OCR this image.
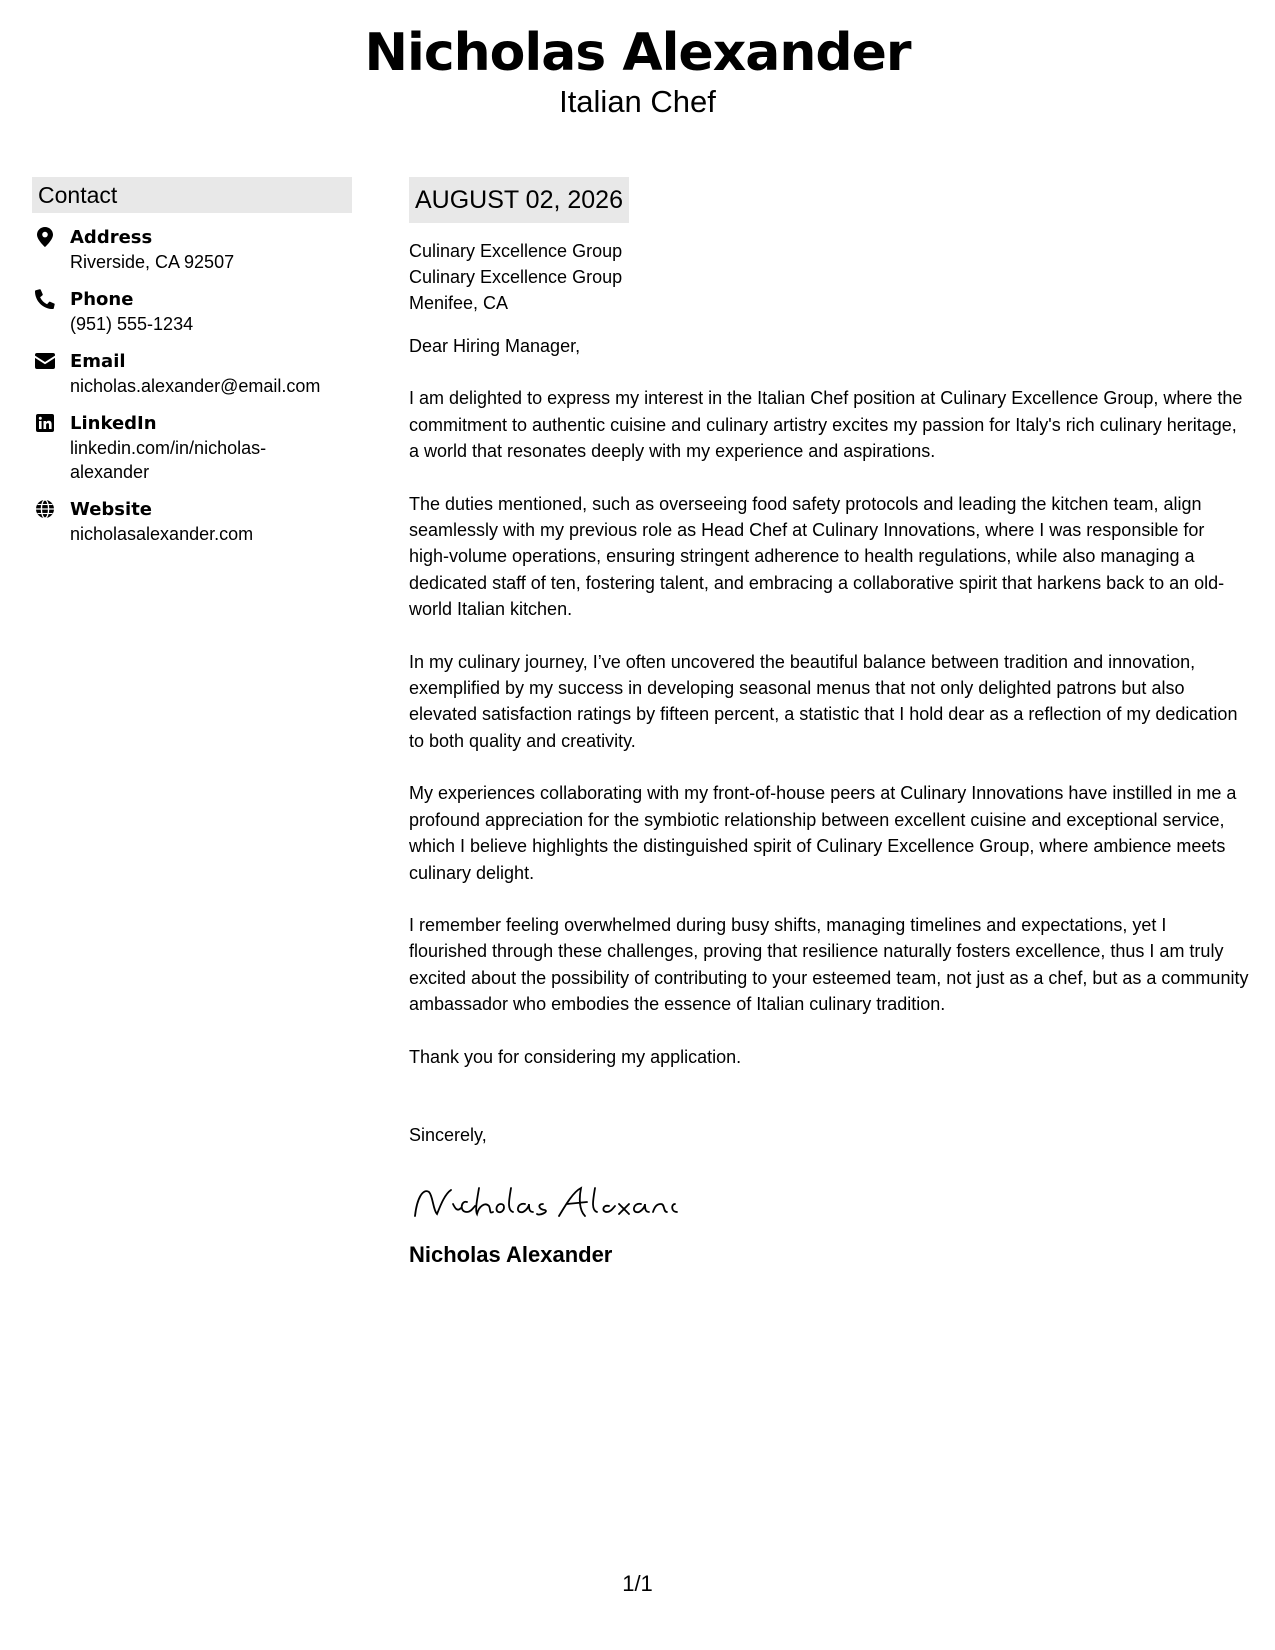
Nicholas Alexander
Italian Chef
Contact
Address
Riverside, CA 92507
Phone
(951) 555-1234
Email
nicholas.alexander@email.com
LinkedIn
linkedin.com/in/nicholas-alexander
Website
nicholasalexander.com
AUGUST 02, 2026
Culinary Excellence Group
Culinary Excellence Group
Menifee, CA

Dear Hiring Manager,

I am delighted to express my interest in the Italian Chef position at Culinary Excellence Group, where the commitment to authentic cuisine and culinary artistry excites my passion for Italy's rich culinary heritage, a world that resonates deeply with my experience and aspirations.

The duties mentioned, such as overseeing food safety protocols and leading the kitchen team, align seamlessly with my previous role as Head Chef at Culinary Innovations, where I was responsible for high-volume operations, ensuring stringent adherence to health regulations, while also managing a dedicated staff of ten, fostering talent, and embracing a collaborative spirit that harkens back to an old-world Italian kitchen.

In my culinary journey, I’ve often uncovered the beautiful balance between tradition and innovation, exemplified by my success in developing seasonal menus that not only delighted patrons but also elevated satisfaction ratings by fifteen percent, a statistic that I hold dear as a reflection of my dedication to both quality and creativity.

My experiences collaborating with my front-of-house peers at Culinary Innovations have instilled in me a profound appreciation for the symbiotic relationship between excellent cuisine and exceptional service, which I believe highlights the distinguished spirit of Culinary Excellence Group, where ambience meets culinary delight.

I remember feeling overwhelmed during busy shifts, managing timelines and expectations, yet I flourished through these challenges, proving that resilience naturally fosters excellence, thus I am truly excited about the possibility of contributing to your esteemed team, not just as a chef, but as a community ambassador who embodies the essence of Italian culinary tradition.

Thank you for considering my application.

Sincerely,
Nicholas Alexander
1/1
